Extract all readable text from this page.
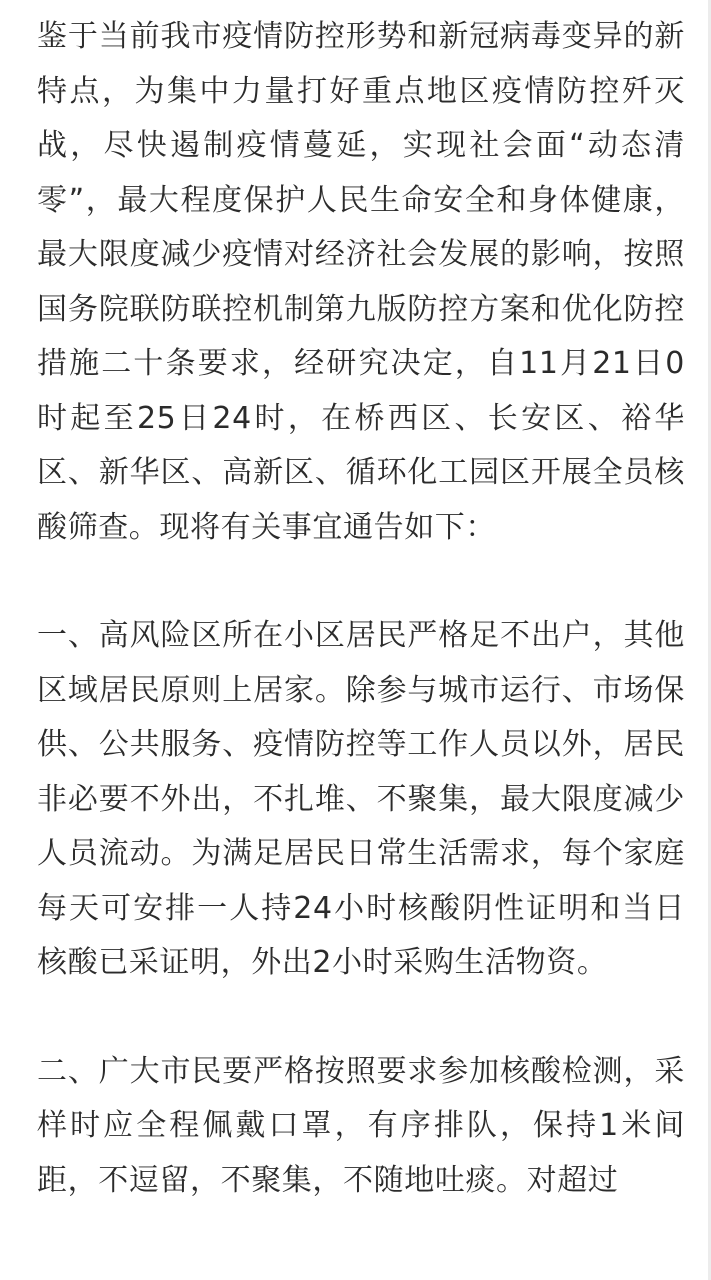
鉴于当前我市疫情防控形势和新冠病毒变异的新特点，为集中力量打好重点地区疫情防控歼灭战，尽快遏制疫情蔓延，实现社会面“动态清零”，最大程度保护人民生命安全和身体健康，最大限度减少疫情对经济社会发展的影响，按照国务院联防联控机制第九版防控方案和优化防控措施二十条要求，经研究决定，自11月21日0时起至25日24时，在桥西区、长安区、裕华区、新华区、高新区、循环化工园区开展全员核酸筛查。现将有关事宜通告如下：

一、高风险区所在小区居民严格足不出户，其他区域居民原则上居家。除参与城市运行、市场保供、公共服务、疫情防控等工作人员以外，居民非必要不外出，不扎堆、不聚集，最大限度减少人员流动。为满足居民日常生活需求，每个家庭每天可安排一人持24小时核酸阴性证明和当日核酸已采证明，外出2小时采购生活物资。

二、广大市民要严格按照要求参加核酸检测，采样时应全程佩戴口罩，有序排队，保持1米间距，不逗留，不聚集，不随地吐痰。对超过
